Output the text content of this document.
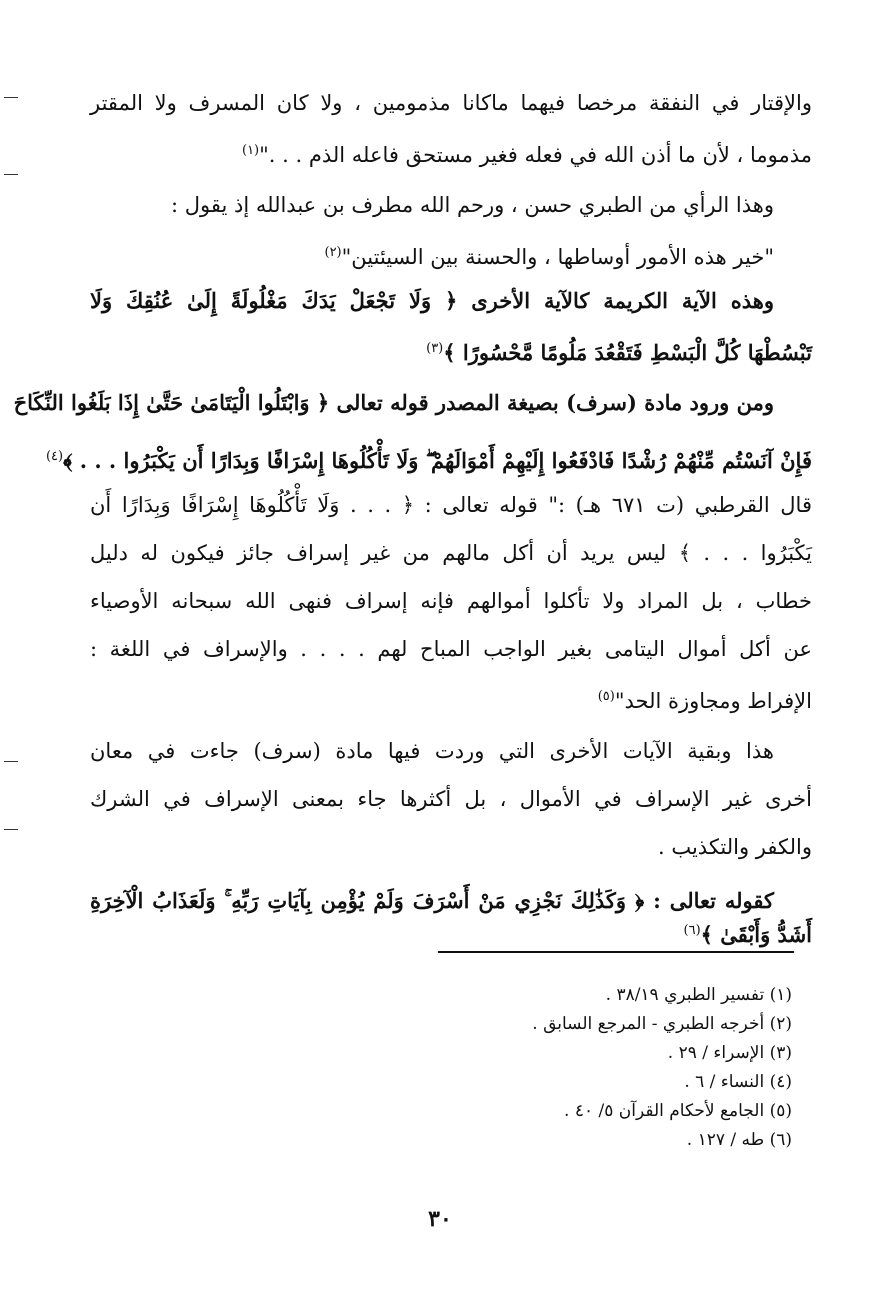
والإقتار في النفقة مرخصا فيهما ماكانا مذمومين ، ولا كان المسرف ولا المقتر
مذموما ، لأن ما أذن الله في فعله فغير مستحق فاعله الذم . . ."$^{(١)}$
وهذا الرأي من الطبري حسن ، ورحم الله مطرف بن عبدالله إذ يقول :
"خير هذه الأمور أوساطها ، والحسنة بين السيئتين"$^{(٢)}$
وهذه الآية الكريمة كالآية الأخرى ﴿ وَلَا تَجْعَلْ يَدَكَ مَغْلُولَةً إِلَىٰ عُنُقِكَ وَلَا
تَبْسُطْهَا كُلَّ الْبَسْطِ فَتَقْعُدَ مَلُومًا مَّحْسُورًا ﴾$^{(٣)}$
ومن ورود مادة (سرف) بصيغة المصدر قوله تعالى ﴿ وَابْتَلُوا الْيَتَامَىٰ حَتَّىٰ إِذَا بَلَغُوا النِّكَاحَ
فَإِنْ آنَسْتُم مِّنْهُمْ رُشْدًا فَادْفَعُوا إِلَيْهِمْ أَمْوَالَهُمْ ۖ وَلَا تَأْكُلُوهَا إِسْرَافًا وَبِدَارًا أَن يَكْبَرُوا . . . ﴾$^{(٤)}$
قال القرطبي (ت ٦٧١ هـ) :" قوله تعالى : ﴿ . . . وَلَا تَأْكُلُوهَا إِسْرَافًا وَبِدَارًا أَن
يَكْبَرُوا . . . ﴾ ليس يريد أن أكل مالهم من غير إسراف جائز فيكون له دليل
خطاب ، بل المراد ولا تأكلوا أموالهم فإنه إسراف فنهى الله سبحانه الأوصياء
عن أكل أموال اليتامى بغير الواجب المباح لهم . . . . والإسراف في اللغة :
الإفراط ومجاوزة الحد"$^{(٥)}$
هذا وبقية الآيات الأخرى التي وردت فيها مادة (سرف) جاءت في معان
أخرى غير الإسراف في الأموال ، بل أكثرها جاء بمعنى الإسراف في الشرك
والكفر والتكذيب .
كقوله تعالى : ﴿ وَكَذَٰلِكَ نَجْزِي مَنْ أَسْرَفَ وَلَمْ يُؤْمِن بِآيَاتِ رَبِّهِ ۚ وَلَعَذَابُ الْآخِرَةِ
أَشَدُّ وَأَبْقَىٰ ﴾$^{(٦)}$
(١) تفسير الطبري ٣٨/١٩ .
(٢) أخرجه الطبري - المرجع السابق .
(٣) الإسراء / ٢٩ .
(٤) النساء / ٦ .
(٥) الجامع لأحكام القرآن ٥/ ٤٠ .
(٦) طه / ١٢٧ .
٣٠
